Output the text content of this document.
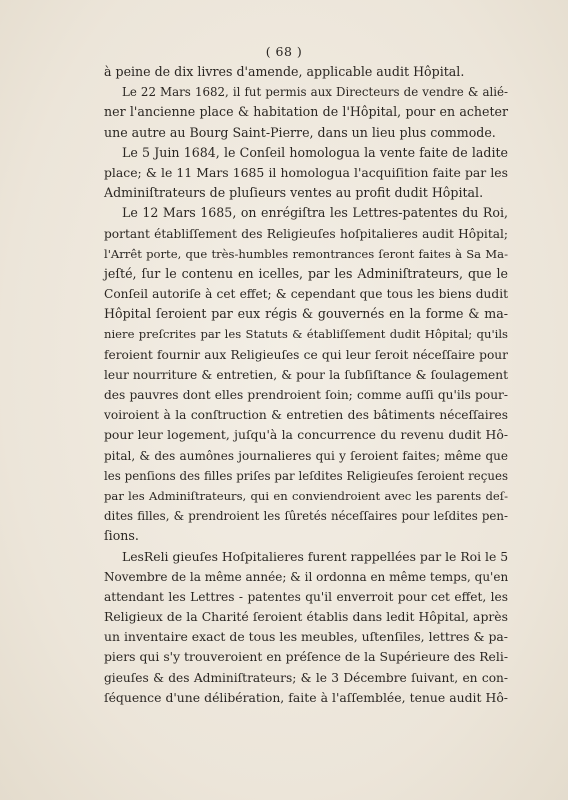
( 68 )
à peine de dix livres d'amende, applicable audit Hôpital.
Le 22 Mars 1682, il fut permis aux Directeurs de vendre & alié-
ner l'ancienne place & habitation de l'Hôpital, pour en acheter
une autre au Bourg Saint-Pierre, dans un lieu plus commode.
Le 5 Juin 1684, le Conſeil homologua la vente faite de ladite
place; & le 11 Mars 1685 il homologua l'acquiſition faite par les
Adminiſtrateurs de pluſieurs ventes au profit dudit Hôpital.
Le 12 Mars 1685, on enrégiſtra les Lettres-patentes du Roi,
portant établiſſement des Religieuſes hoſpitalieres audit Hôpital;
l'Arrêt porte, que très-humbles remontrances ſeront faites à Sa Ma-
jeſté, ſur le contenu en icelles, par les Adminiſtrateurs, que le
Conſeil autoriſe à cet effet; & cependant que tous les biens dudit
Hôpital ſeroient par eux régis & gouvernés en la forme & ma-
niere preſcrites par les Statuts & établiſſement dudit Hôpital; qu'ils
feroient fournir aux Religieuſes ce qui leur ſeroit néceſſaire pour
leur nourriture & entretien, & pour la ſubſiſtance & ſoulagement
des pauvres dont elles prendroient ſoin; comme auſſi qu'ils pour-
voiroient à la conſtruction & entretien des bâtiments néceſſaires
pour leur logement, juſqu'à la concurrence du revenu dudit Hô-
pital, & des aumônes journalieres qui y ſeroient faites; même que
les penſions des filles priſes par leſdites Religieuſes ſeroient reçues
par les Adminiſtrateurs, qui en conviendroient avec les parents deſ-
dites filles, & prendroient les ſûretés néceſſaires pour leſdites pen-
ſions.
LesReli gieuſes Hoſpitalieres furent rappellées par le Roi le 5
Novembre de la même année; & il ordonna en même temps, qu'en
attendant les Lettres - patentes qu'il enverroit pour cet effet, les
Religieux de la Charité ſeroient établis dans ledit Hôpital, après
un inventaire exact de tous les meubles, uſtenſiles, lettres & pa-
piers qui s'y trouveroient en préſence de la Supérieure des Reli-
gieuſes & des Adminiſtrateurs; & le 3 Décembre ſuivant, en con-
ſéquence d'une délibération, faite à l'aſſemblée, tenue audit Hô-
